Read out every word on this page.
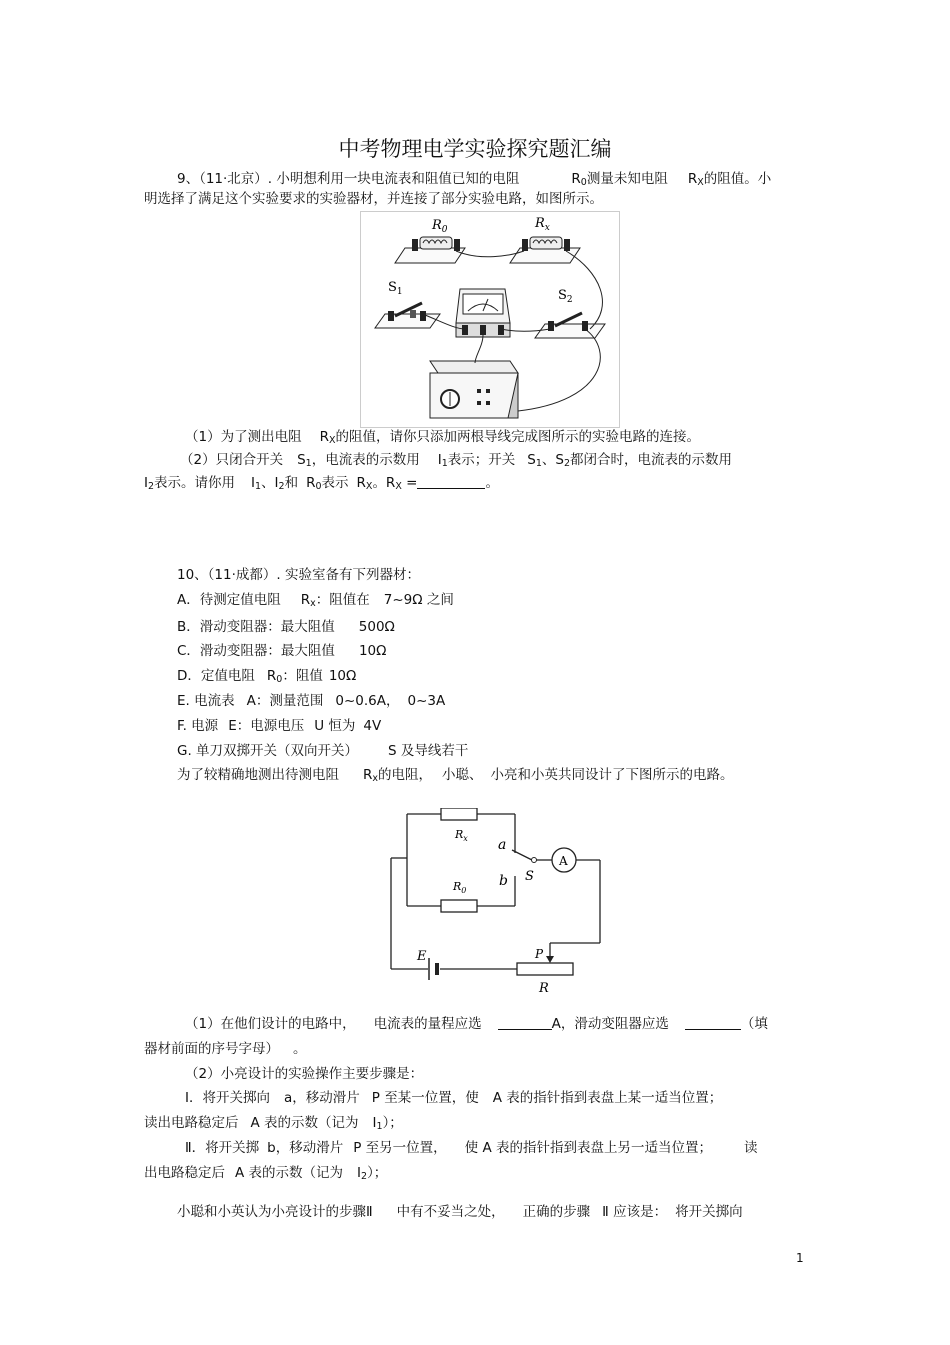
中考物理电学实验探究题汇编
9、（11·北京）. 小明想利用一块电流表和阻值已知的电阻	$R_0$测量未知电阻 $R_X$的阻值。小
明选择了满足这个实验要求的实验器材，并连接了部分实验电路，如图所示。
$R_0$	$R_x$
$S_1$	$S_2$
（1）为了测出电阻 $R_X$的阻值，请你只添加两根导线完成图所示的实验电路的连接。
（2）只闭合开关 $S_1$，电流表的示数用 $I_1$表示；开关 $S_1$、$S_2$都闭合时，电流表的示数用
$I_2$表示。请你用 $I_1$、$I_2$和 $R_0$表示 $R_X$。$R_X$ =	。
10、（11·成都）. 实验室备有下列器材：
A．待测定值电阻 $R_x$：阻值在 7~9Ω 之间
B．滑动变阻器：最大阻值 500Ω
C．滑动变阻器：最大阻值 10Ω
D．定值电阻 $R_0$：阻值 10Ω
E. 电流表 A：测量范围 0~0.6A， 0~3A
F. 电源 E：电源电压 U 恒为 4V
G. 单刀双掷开关（双向开关） S 及导线若干
为了较精确地测出待测电阻 $R_x$的电阻， 小聪、 小亮和小英共同设计了下图所示的电路。
$R_x$
$R_0$
a
b S
A
E	P
R
（1）在他们设计的电路中， 电流表的量程应选	A，滑动变阻器应选	（填
器材前面的序号字母） 。
（2）小亮设计的实验操作主要步骤是：
Ⅰ．将开关掷向 a，移动滑片 P 至某一位置，使 A 表的指针指到表盘上某一适当位置；
读出电路稳定后 A 表的示数（记为 $I_1$）；
Ⅱ．将开关掷 b，移动滑片 P 至另一位置， 使 A 表的指针指到表盘上另一适当位置； 读
出电路稳定后 A 表的示数（记为 $I_2$）；
小聪和小英认为小亮设计的步骤Ⅱ 中有不妥当之处， 正确的步骤 Ⅱ 应该是： 将开关掷向
1
